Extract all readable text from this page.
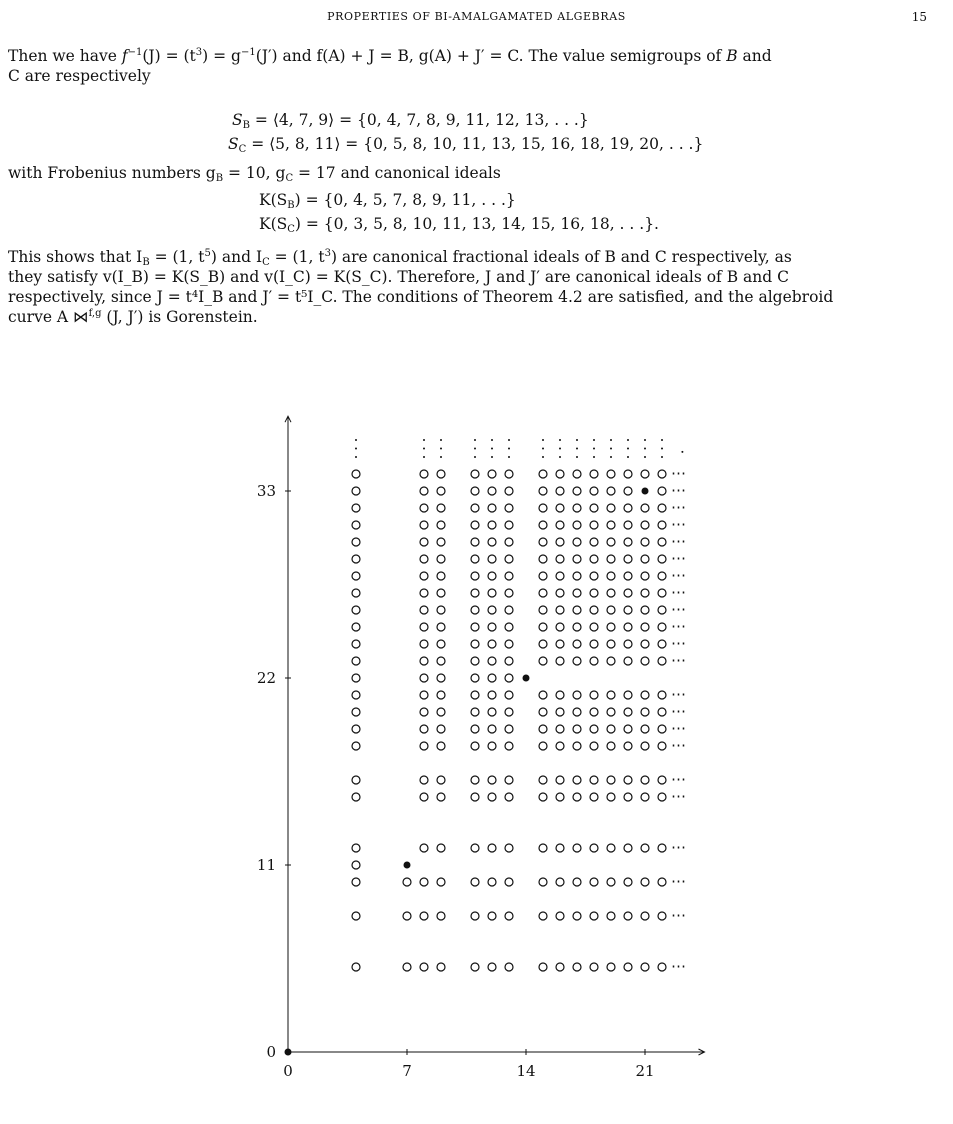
PROPERTIES OF BI-AMALGAMATED ALGEBRAS	15
Then we have $f^{-1}(J) = (t^3) = g^{-1}(J')$ and f(A) + J = B, g(A) + J′ = C. The value semigroups of B and
C are respectively
$S_B$ = ⟨4, 7, 9⟩ = {0, 4, 7, 8, 9, 11, 12, 13, . . .}
$S_C$ = ⟨5, 8, 11⟩ = {0, 5, 8, 10, 11, 13, 15, 16, 18, 19, 20, . . .}
with Frobenius numbers $g_B = 10$, $g_C = 17$ and canonical ideals
$K(S_B) = \{0$, 4, 5, 7, 8, 9, 11, . . .}
$K(S_C) = \{0$, 3, 5, 8, 10, 11, 13, 14, 15, 16, 18, . . .}.
This shows that $I_B = (1$, $t^5$) and $I_C = (1$, $t^3$) are canonical fractional ideals of B and C respectively, as
they satisfy v(I_B) = K(S_B) and v(I_C) = K(S_C). Therefore, J and J′ are canonical ideals of B and C
respectively, since J = t⁴I_B and J′ = t⁵I_C. The conditions of Theorem 4.2 are satisfied, and the algebroid
curve A ⋈$^{f,g}$ (J, J′) is Gorenstein.
0	7	14	21
0
11
22
33
⋯
⋯
⋯
⋯
⋯
⋯
⋯
⋯
⋯
⋯
⋯
⋯
⋯
⋯
⋯
⋯
⋯
⋯
⋯
⋯
⋯
⋯
